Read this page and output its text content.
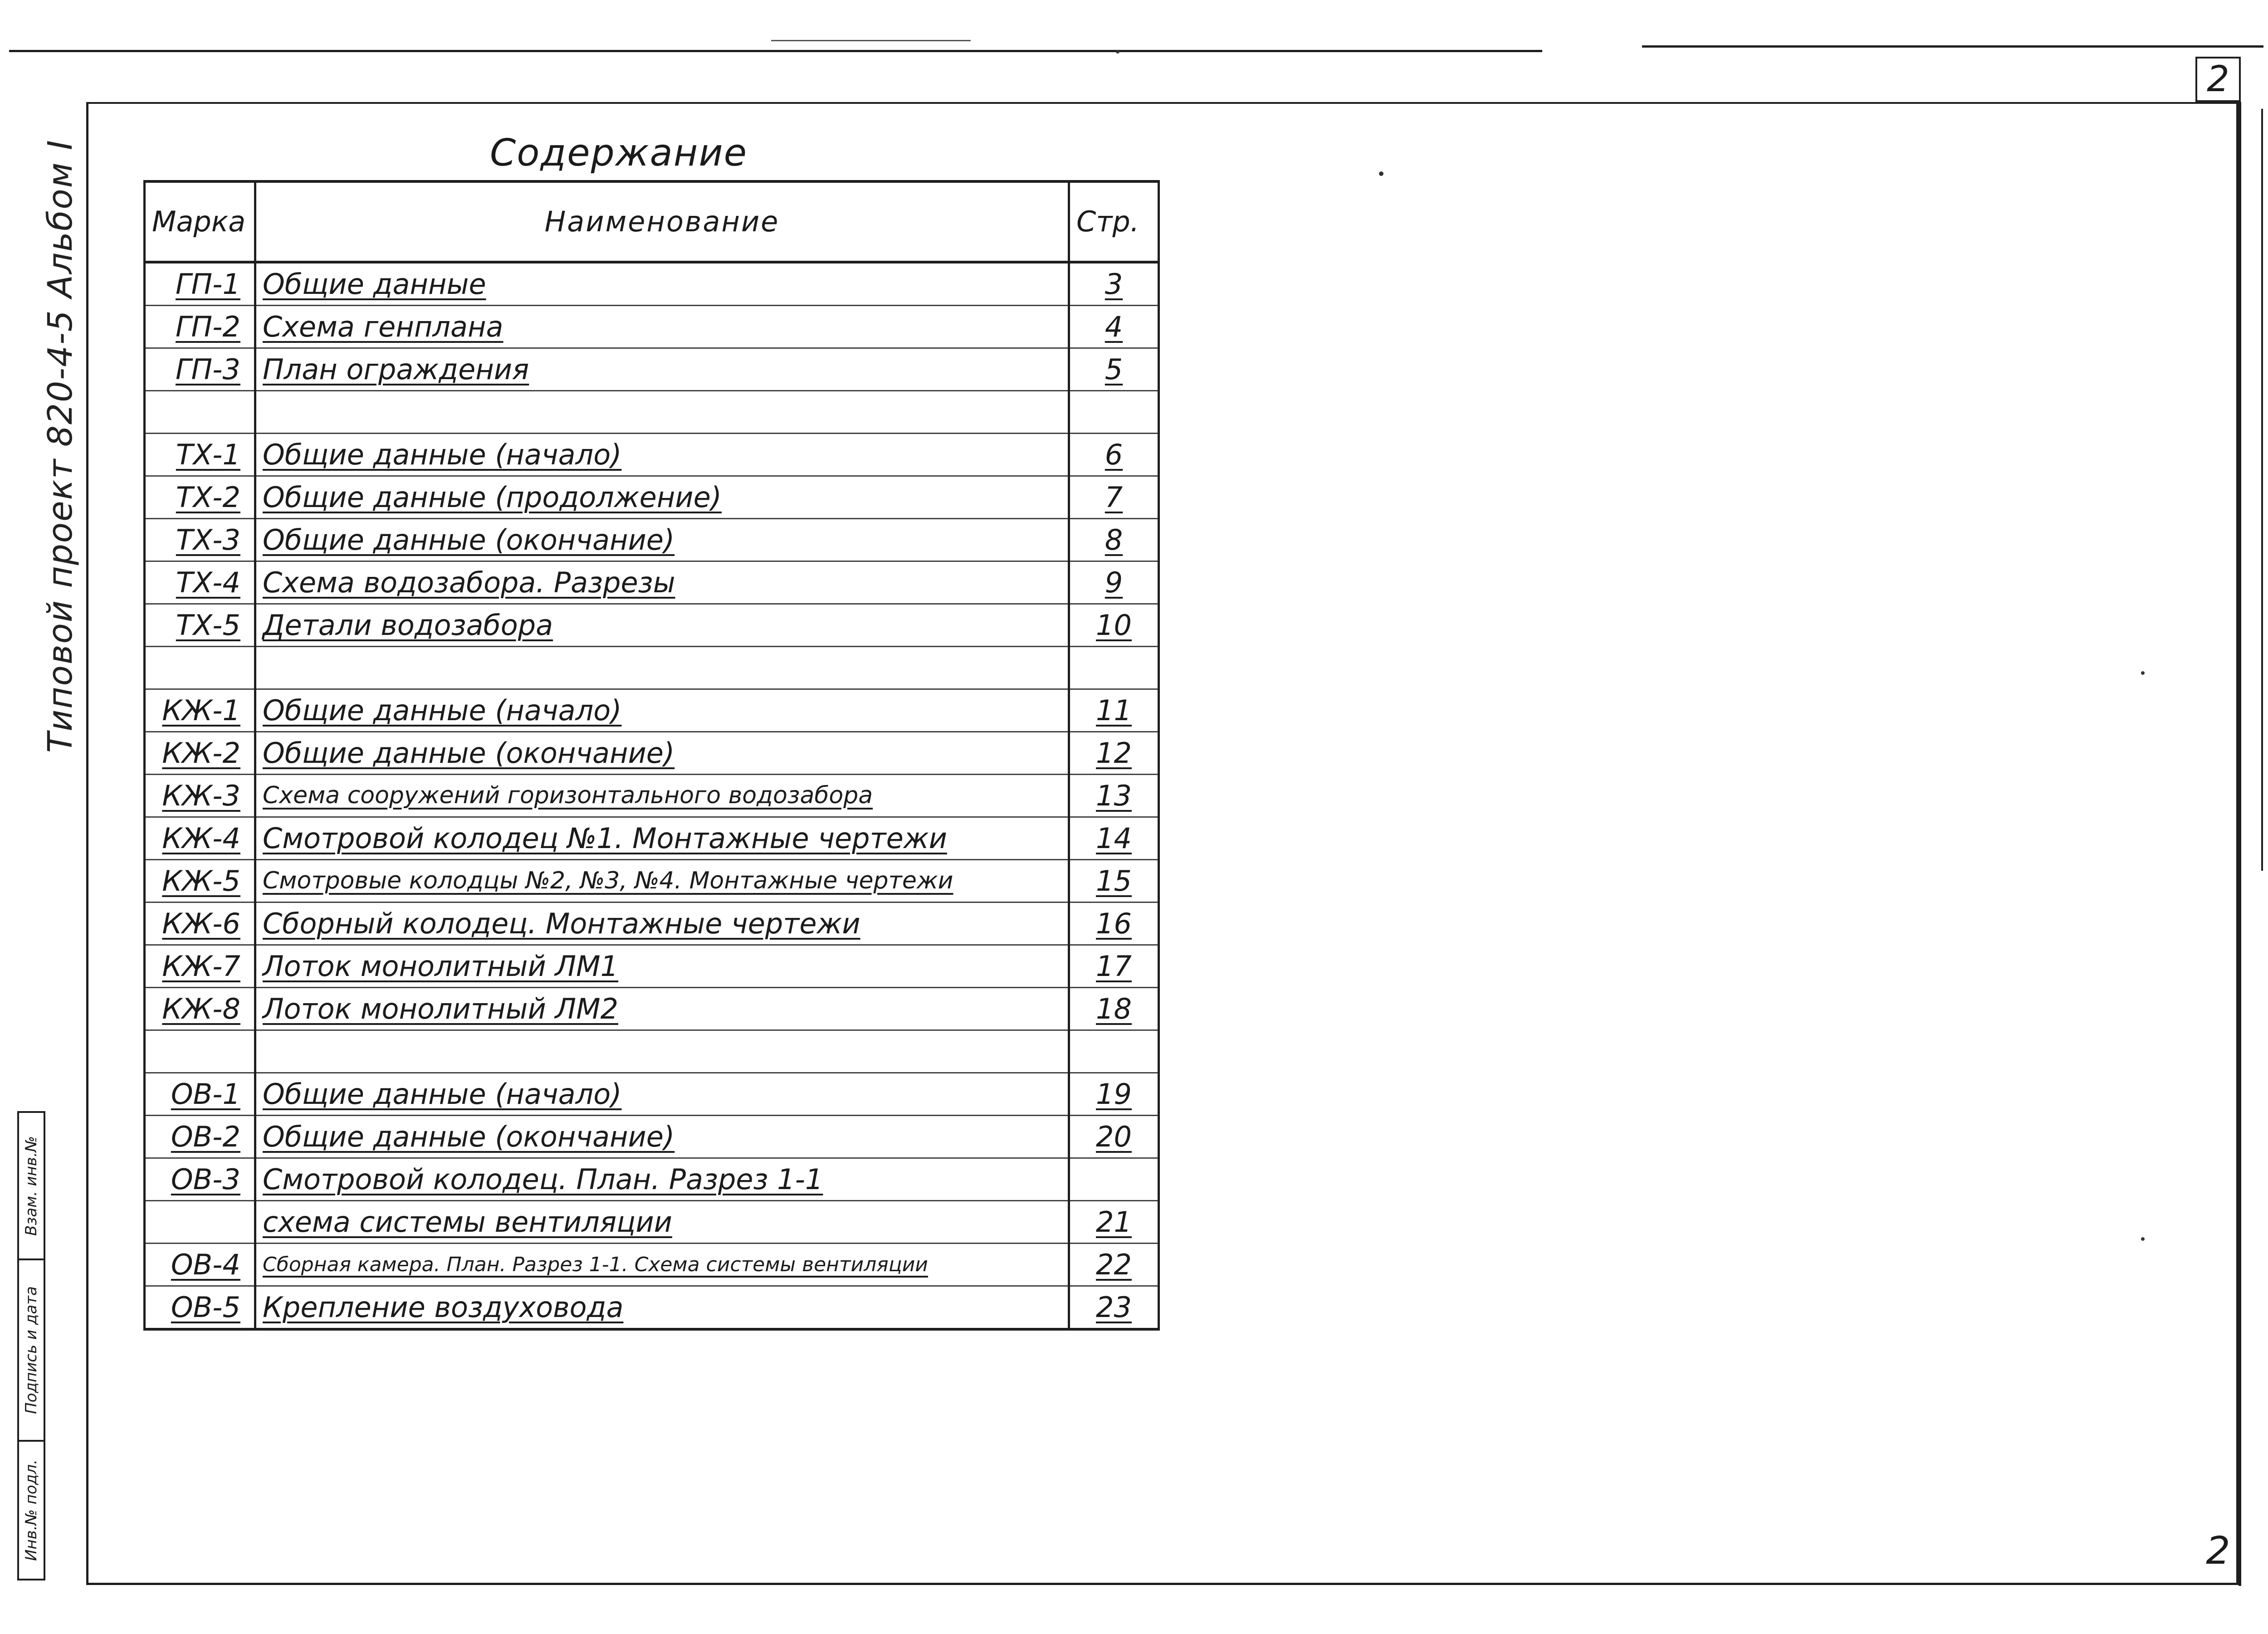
2
2
Типовой проект 820-4-5 Альбом I
Взам. инв.№
Подпись и дата
Инв.№ подл.
Содержание
Марка	Наименование	Стр.
ГП-1	Общие данные	3
ГП-2	Схема генплана	4
ГП-3	План ограждения	5

ТХ-1	Общие данные (начало)	6
ТХ-2	Общие данные (продолжение)	7
ТХ-3	Общие данные (окончание)	8
ТХ-4	Схема водозабора. Разрезы	9
ТХ-5	Детали водозабора	10

КЖ-1	Общие данные (начало)	11
КЖ-2	Общие данные (окончание)	12
КЖ-3	Схема сооружений горизонтального водозабора	13
КЖ-4	Смотровой колодец №1. Монтажные чертежи	14
КЖ-5	Смотровые колодцы №2, №3, №4. Монтажные чертежи	15
КЖ-6	Сборный колодец. Монтажные чертежи	16
КЖ-7	Лоток монолитный ЛМ1	17
КЖ-8	Лоток монолитный ЛМ2	18

ОВ-1	Общие данные (начало)	19
ОВ-2	Общие данные (окончание)	20
ОВ-3	Смотровой колодец. План. Разрез 1-1	
	схема системы вентиляции	21
ОВ-4	Сборная камера. План. Разрез 1-1. Схема системы вентиляции	22
ОВ-5	Крепление воздуховода	23
